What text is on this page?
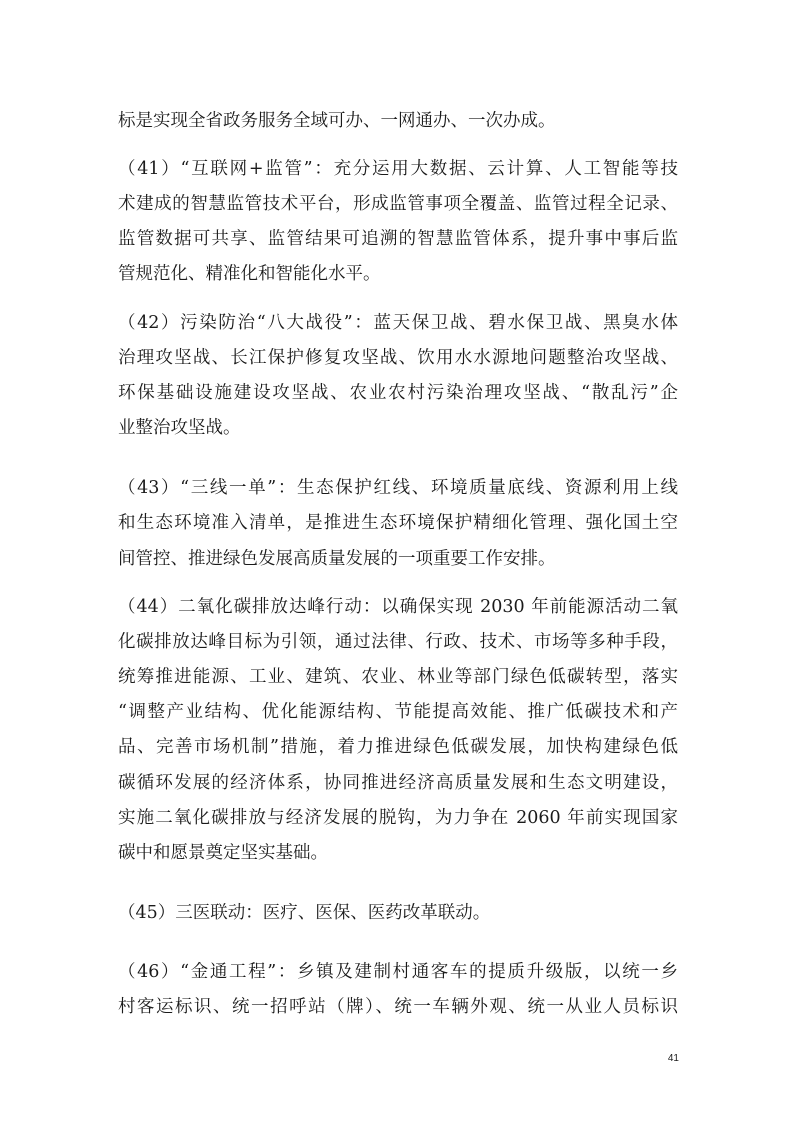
标是实现全省政务服务全域可办、一网通办、一次办成。
（41）“互联网+监管”：充分运用大数据、云计算、人工智能等技
术建成的智慧监管技术平台，形成监管事项全覆盖、监管过程全记录、
监管数据可共享、监管结果可追溯的智慧监管体系，提升事中事后监
管规范化、精准化和智能化水平。
（42）污染防治“八大战役”：蓝天保卫战、碧水保卫战、黑臭水体
治理攻坚战、长江保护修复攻坚战、饮用水水源地问题整治攻坚战、
环保基础设施建设攻坚战、农业农村污染治理攻坚战、“散乱污”企
业整治攻坚战。
（43）“三线一单”：生态保护红线、环境质量底线、资源利用上线
和生态环境准入清单，是推进生态环境保护精细化管理、强化国土空
间管控、推进绿色发展高质量发展的一项重要工作安排。
（44）二氧化碳排放达峰行动：以确保实现 2030 年前能源活动二氧
化碳排放达峰目标为引领，通过法律、行政、技术、市场等多种手段，
统筹推进能源、工业、建筑、农业、林业等部门绿色低碳转型，落实
“调整产业结构、优化能源结构、节能提高效能、推广低碳技术和产
品、完善市场机制”措施，着力推进绿色低碳发展，加快构建绿色低
碳循环发展的经济体系，协同推进经济高质量发展和生态文明建设，
实施二氧化碳排放与经济发展的脱钩，为力争在 2060 年前实现国家
碳中和愿景奠定坚实基础。
（45）三医联动：医疗、医保、医药改革联动。
（46）“金通工程”：乡镇及建制村通客车的提质升级版，以统一乡
村客运标识、统一招呼站（牌）、统一车辆外观、统一从业人员标识
41
